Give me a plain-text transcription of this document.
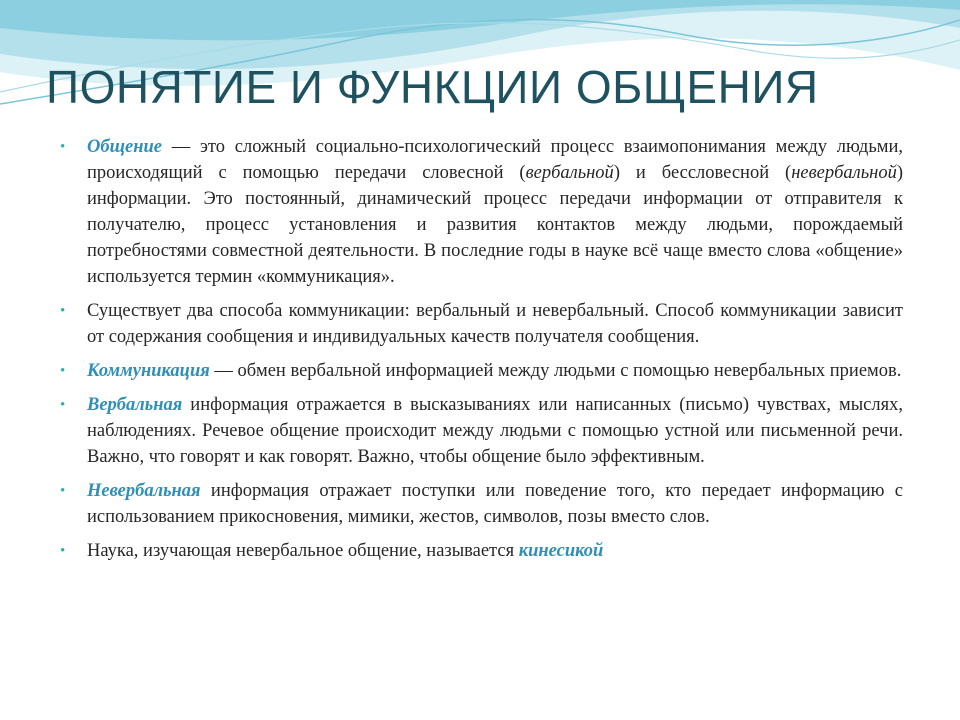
ПОНЯТИЕ И ФУНКЦИИ ОБЩЕНИЯ
• Общение — это сложный социально-психологический процесс взаимопонимания между людьми, происходящий с помощью передачи словесной (вербальной) и бессловесной (невербальной) информации. Это постоянный, динамический процесс передачи информации от отправителя к получателю, процесс установления и развития контактов между людьми, порождаемый потребностями совместной деятельности. В последние годы в науке всё чаще вместо слова «общение» используется термин «коммуникация».
• Существует два способа коммуникации: вербальный и невербальный. Способ коммуникации зависит от содержания сообщения и индивидуальных качеств получателя сообщения.
• Коммуникация — обмен вербальной информацией между людьми с помощью невербальных приемов.
• Вербальная информация отражается в высказываниях или написанных (письмо) чувствах, мыслях, наблюдениях. Речевое общение происходит между людьми с помощью устной или письменной речи. Важно, что говорят и как говорят. Важно, чтобы общение было эффективным.
• Невербальная информация отражает поступки или поведение того, кто передает информацию с использованием прикосновения, мимики, жестов, символов, позы вместо слов.
• Наука, изучающая невербальное общение, называется кинесикой
